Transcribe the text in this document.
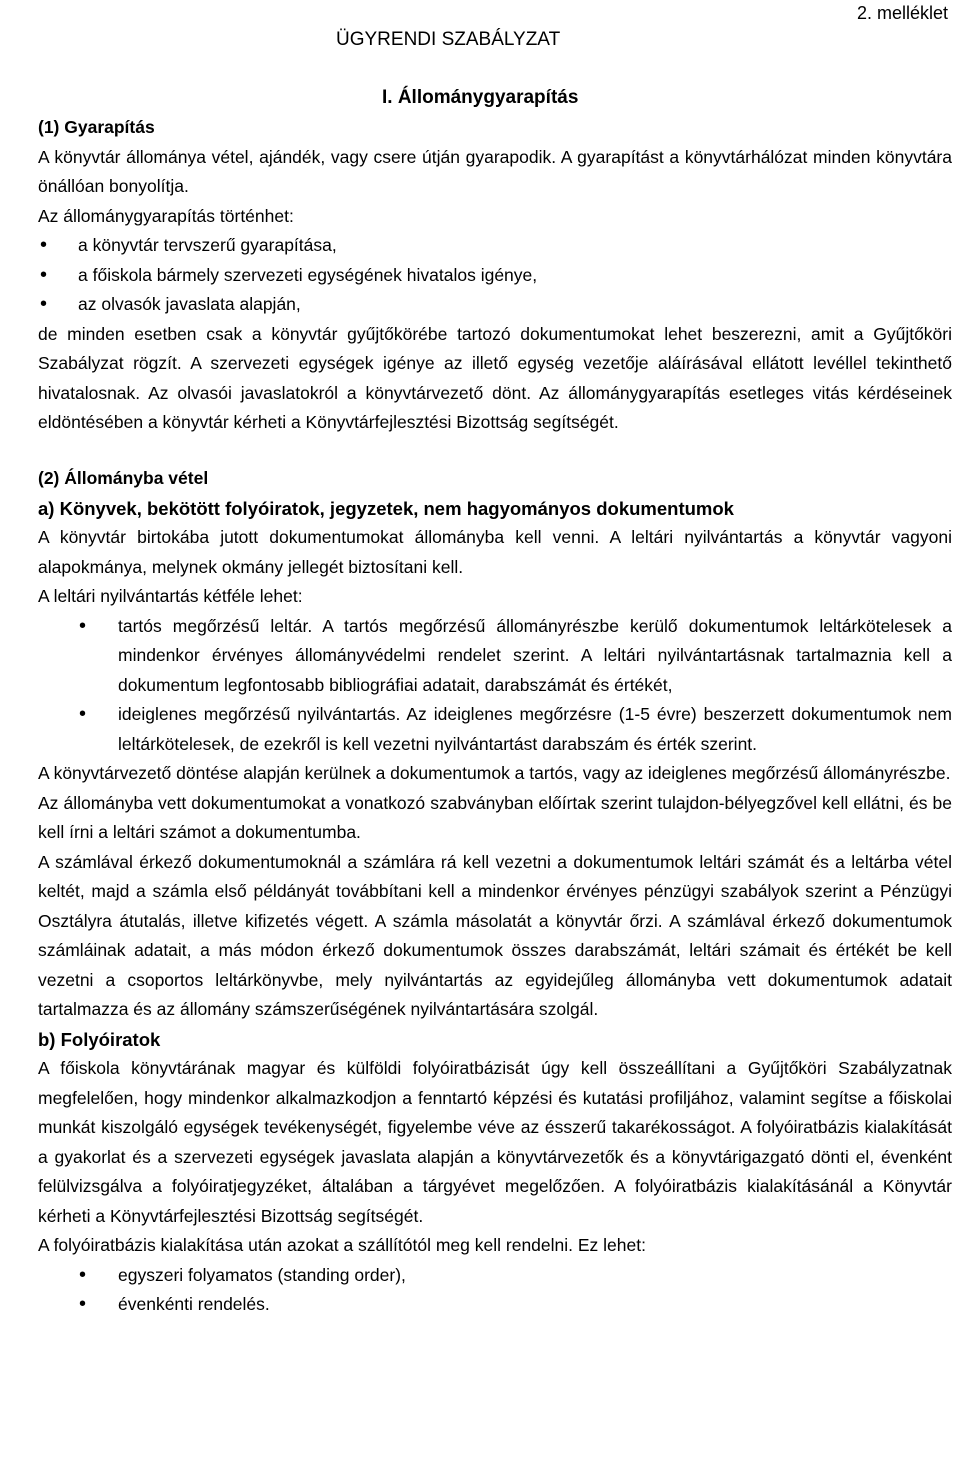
2. melléklet
ÜGYRENDI SZABÁLYZAT
I. Állománygyarapítás

(1) Gyarapítás

A könyvtár állománya vétel, ajándék, vagy csere útján gyarapodik. A gyarapítást a könyvtárhálózat minden könyvtára önállóan bonyolítja.

Az állománygyarapítás történhet:

• a könyvtár tervszerű gyarapítása,
• a főiskola bármely szervezeti egységének hivatalos igénye,
• az olvasók javaslata alapján,

de minden esetben csak a könyvtár gyűjtőkörébe tartozó dokumentumokat lehet beszerezni, amit a Gyűjtőköri Szabályzat rögzít. A szervezeti egységek igénye az illető egység vezetője aláírásával ellátott levéllel tekinthető hivatalosnak. Az olvasói javaslatokról a könyvtárvezető dönt. Az állománygyarapítás esetleges vitás kérdéseinek eldöntésében a könyvtár kérheti a Könyvtárfejlesztési Bizottság segítségét.

(2) Állományba vétel

a) Könyvek, bekötött folyóiratok, jegyzetek, nem hagyományos dokumentumok

A könyvtár birtokába jutott dokumentumokat állományba kell venni. A leltári nyilvántartás a könyvtár vagyoni alapokmánya, melynek okmány jellegét biztosítani kell.

A leltári nyilvántartás kétféle lehet:

• tartós megőrzésű leltár. A tartós megőrzésű állományrészbe kerülő dokumentumok leltárkötelesek a mindenkor érvényes állományvédelmi rendelet szerint. A leltári nyilvántartásnak tartalmaznia kell a dokumentum legfontosabb bibliográfiai adatait, darabszámát és értékét,
• ideiglenes megőrzésű nyilvántartás. Az ideiglenes megőrzésre (1-5 évre) beszerzett dokumentumok nem leltárkötelesek, de ezekről is kell vezetni nyilvántartást darabszám és érték szerint.

A könyvtárvezető döntése alapján kerülnek a dokumentumok a tartós, vagy az ideiglenes megőrzésű állományrészbe.

Az állományba vett dokumentumokat a vonatkozó szabványban előírtak szerint tulajdon-bélyegzővel kell ellátni, és be kell írni a leltári számot a dokumentumba.

A számlával érkező dokumentumoknál a számlára rá kell vezetni a dokumentumok leltári számát és a leltárba vétel keltét, majd a számla első példányát továbbítani kell a mindenkor érvényes pénzügyi szabályok szerint a Pénzügyi Osztályra átutalás, illetve kifizetés végett. A számla másolatát a könyvtár őrzi. A számlával érkező dokumentumok számláinak adatait, a más módon érkező dokumentumok összes darabszámát, leltári számait és értékét be kell vezetni a csoportos leltárkönyvbe, mely nyilvántartás az egyidejűleg állományba vett dokumentumok adatait tartalmazza és az állomány számszerűségének nyilvántartására szolgál.

b) Folyóiratok

A főiskola könyvtárának magyar és külföldi folyóiratbázisát úgy kell összeállítani a Gyűjtőköri Szabályzatnak megfelelően, hogy mindenkor alkalmazkodjon a fenntartó képzési és kutatási profiljához, valamint segítse a főiskolai munkát kiszolgáló egységek tevékenységét, figyelembe véve az ésszerű takarékosságot. A folyóiratbázis kialakítását a gyakorlat és a szervezeti egységek javaslata alapján a könyvtárvezetők és a könyvtárigazgató dönti el, évenként felülvizsgálva a folyóiratjegyzéket, általában a tárgyévet megelőzően. A folyóiratbázis kialakításánál a Könyvtár kérheti a Könyvtárfejlesztési Bizottság segítségét.

A folyóiratbázis kialakítása után azokat a szállítótól meg kell rendelni. Ez lehet:

• egyszeri folyamatos (standing order),
• évenkénti rendelés.
